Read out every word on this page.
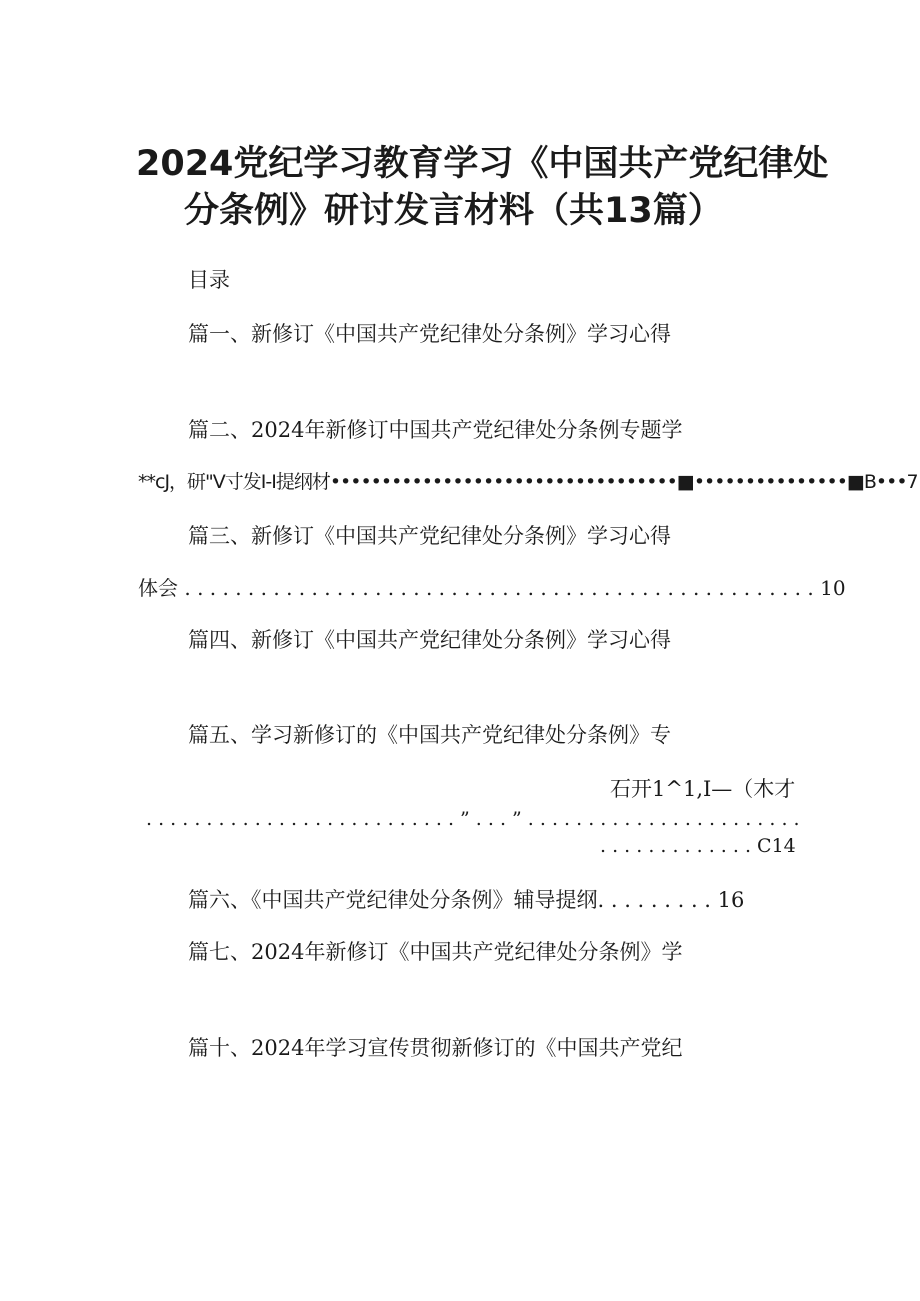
2024党纪学习教育学习《中国共产党纪律处
分条例》研讨发言材料（共13篇）
目录
篇一、新修订《中国共产党纪律处分条例》学习心得
篇二、2024年新修订中国共产党纪律处分条例专题学
**cJ，研"V寸发I-I提纲材••••••••••••••••••••••••••••••••••■•••••••••••••••■B•••7
篇三、新修订《中国共产党纪律处分条例》学习心得
体会 . . . . . . . . . . . . . . . . . . . . . . . . . . . . . . . . . . . . . . . . . . . . . . . . . . 10
篇四、新修订《中国共产党纪律处分条例》学习心得
篇五、学习新修订的《中国共产党纪律处分条例》专
石开1^1,I—（木才
. . . . . . . . . . . . . . . . . . . . . . . . . . ” . . . ” . . . . . . . . . . . . . . . . . . . . . . .
. . . . . . . . . . . . . C14
篇六、《中国共产党纪律处分条例》辅导提纲. . . . . . . . . 16
篇七、2024年新修订《中国共产党纪律处分条例》学
篇十、2024年学习宣传贯彻新修订的《中国共产党纪
